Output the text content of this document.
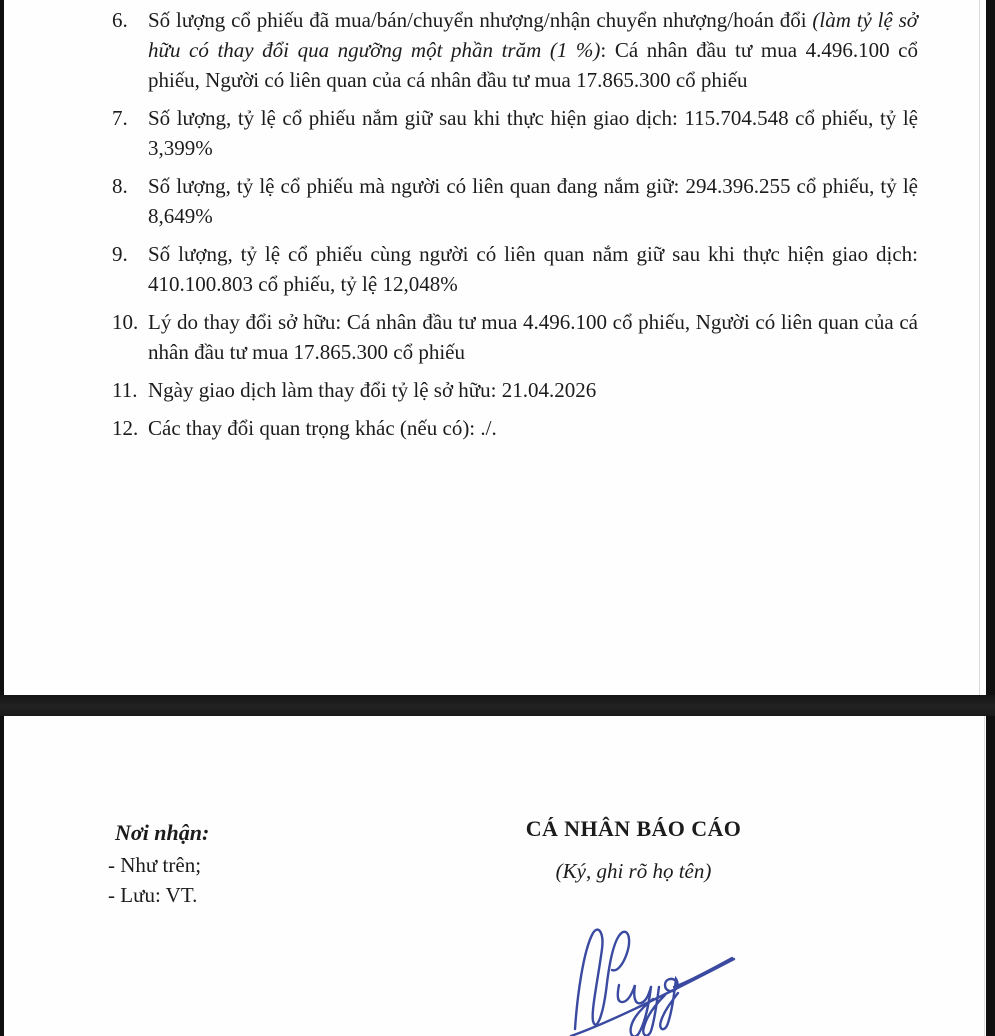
6. Số lượng cổ phiếu đã mua/bán/chuyển nhượng/nhận chuyển nhượng/hoán đổi (làm tỷ lệ sở hữu có thay đổi qua ngưỡng một phần trăm (1 %): Cá nhân đầu tư mua 4.496.100 cổ phiếu, Người có liên quan của cá nhân đầu tư mua 17.865.300 cổ phiếu
7. Số lượng, tỷ lệ cổ phiếu nắm giữ sau khi thực hiện giao dịch: 115.704.548 cổ phiếu, tỷ lệ 3,399%
8. Số lượng, tỷ lệ cổ phiếu mà người có liên quan đang nắm giữ: 294.396.255 cổ phiếu, tỷ lệ 8,649%
9. Số lượng, tỷ lệ cổ phiếu cùng người có liên quan nắm giữ sau khi thực hiện giao dịch: 410.100.803 cổ phiếu, tỷ lệ 12,048%
10. Lý do thay đổi sở hữu: Cá nhân đầu tư mua 4.496.100 cổ phiếu, Người có liên quan của cá nhân đầu tư mua 17.865.300 cổ phiếu
11. Ngày giao dịch làm thay đổi tỷ lệ sở hữu: 21.04.2026
12. Các thay đổi quan trọng khác (nếu có): ./.
Nơi nhận:
- Như trên;
- Lưu: VT.
CÁ NHÂN BÁO CÁO
(Ký, ghi rõ họ tên)
